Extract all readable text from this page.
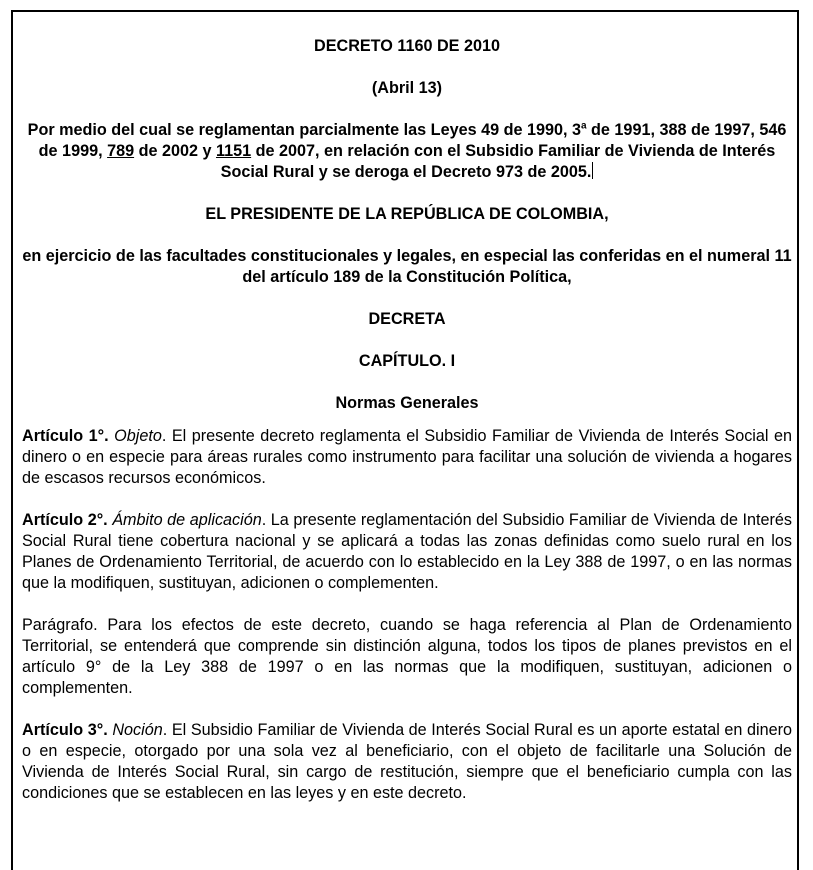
DECRETO 1160 DE 2010

(Abril 13)

Por medio del cual se reglamentan parcialmente las Leyes 49 de 1990, 3$^a$ de 1991, 388 de 1997, 546 de 1999, 789 de 2002 y 1151 de 2007, en relación con el Subsidio Familiar de Vivienda de Interés Social Rural y se deroga el Decreto 973 de 2005.

EL PRESIDENTE DE LA REPÚBLICA DE COLOMBIA,

en ejercicio de las facultades constitucionales y legales, en especial las conferidas en el numeral 11 del artículo 189 de la Constitución Política,

DECRETA

CAPÍTULO. I

Normas Generales

Artículo 1°. Objeto. El presente decreto reglamenta el Subsidio Familiar de Vivienda de Interés Social en dinero o en especie para áreas rurales como instrumento para facilitar una solución de vivienda a hogares de escasos recursos económicos.

Artículo 2°. Ámbito de aplicación. La presente reglamentación del Subsidio Familiar de Vivienda de Interés Social Rural tiene cobertura nacional y se aplicará a todas las zonas definidas como suelo rural en los Planes de Ordenamiento Territorial, de acuerdo con lo establecido en la Ley 388 de 1997, o en las normas que la modifiquen, sustituyan, adicionen o complementen.

Parágrafo. Para los efectos de este decreto, cuando se haga referencia al Plan de Ordenamiento Territorial, se entenderá que comprende sin distinción alguna, todos los tipos de planes previstos en el artículo 9° de la Ley 388 de 1997 o en las normas que la modifiquen, sustituyan, adicionen o complementen.

Artículo 3°. Noción. El Subsidio Familiar de Vivienda de Interés Social Rural es un aporte estatal en dinero o en especie, otorgado por una sola vez al beneficiario, con el objeto de facilitarle una Solución de Vivienda de Interés Social Rural, sin cargo de restitución, siempre que el beneficiario cumpla con las condiciones que se establecen en las leyes y en este decreto.
